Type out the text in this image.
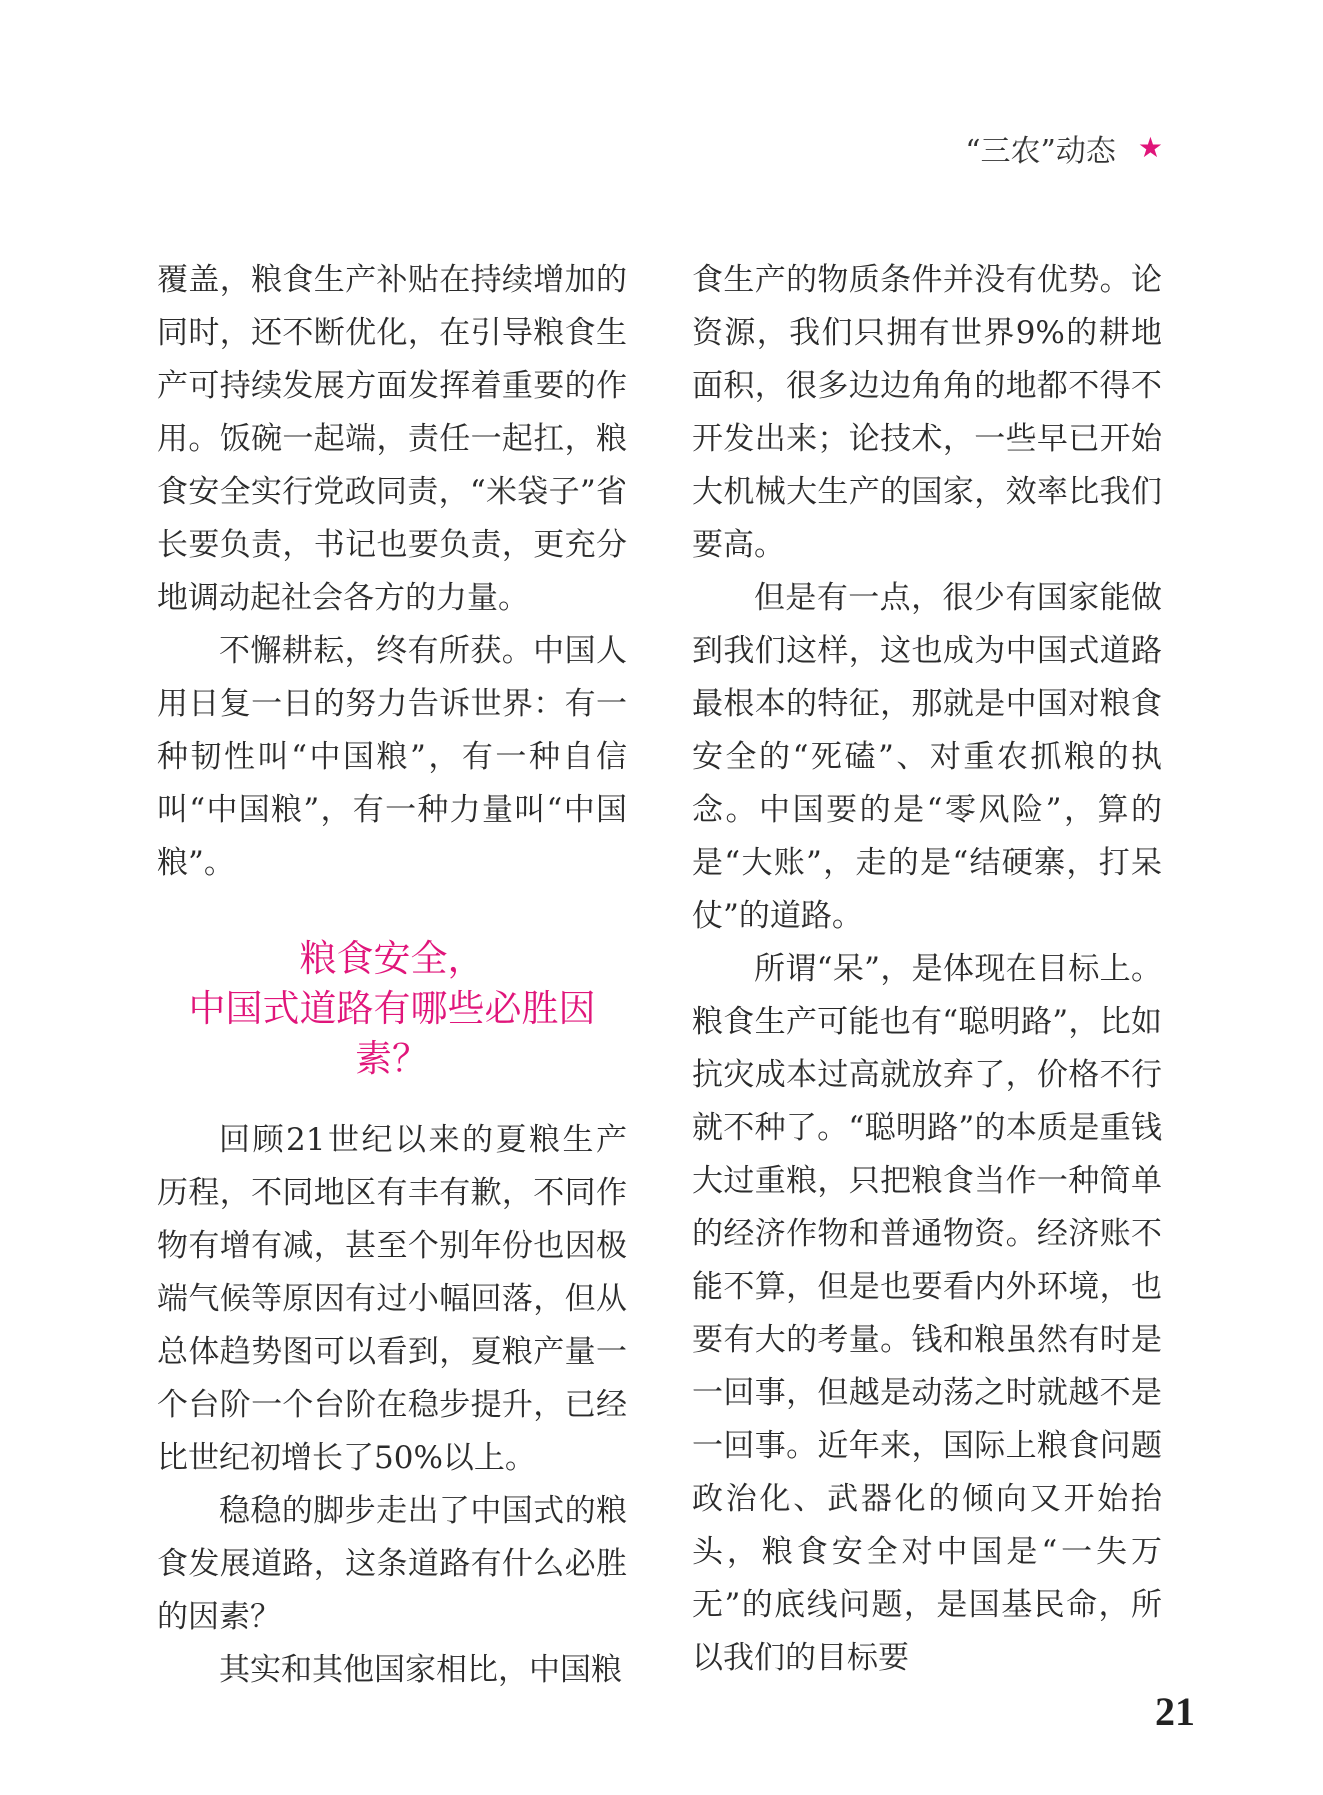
“三农”动态 ★

覆盖，粮食生产补贴在持续增加的同时，还不断优化，在引导粮食生产可持续发展方面发挥着重要的作用。饭碗一起端，责任一起扛，粮食安全实行党政同责，“米袋子”省长要负责，书记也要负责，更充分地调动起社会各方的力量。

不懈耕耘，终有所获。中国人用日复一日的努力告诉世界：有一种韧性叫“中国粮”，有一种自信叫“中国粮”，有一种力量叫“中国粮”。

粮食安全，
中国式道路有哪些必胜因素？

回顾21世纪以来的夏粮生产历程，不同地区有丰有歉，不同作物有增有减，甚至个别年份也因极端气候等原因有过小幅回落，但从总体趋势图可以看到，夏粮产量一个台阶一个台阶在稳步提升，已经比世纪初增长了50%以上。

稳稳的脚步走出了中国式的粮食发展道路，这条道路有什么必胜的因素？

其实和其他国家相比，中国粮

食生产的物质条件并没有优势。论资源，我们只拥有世界9%的耕地面积，很多边边角角的地都不得不开发出来；论技术，一些早已开始大机械大生产的国家，效率比我们要高。

但是有一点，很少有国家能做到我们这样，这也成为中国式道路最根本的特征，那就是中国对粮食安全的“死磕”、对重农抓粮的执念。中国要的是“零风险”，算的是“大账”，走的是“结硬寨，打呆仗”的道路。

所谓“呆”，是体现在目标上。粮食生产可能也有“聪明路”，比如抗灾成本过高就放弃了，价格不行就不种了。“聪明路”的本质是重钱大过重粮，只把粮食当作一种简单的经济作物和普通物资。经济账不能不算，但是也要看内外环境，也要有大的考量。钱和粮虽然有时是一回事，但越是动荡之时就越不是一回事。近年来，国际上粮食问题政治化、武器化的倾向又开始抬头，粮食安全对中国是“一失万无”的底线问题，是国基民命，所以我们的目标要

21
